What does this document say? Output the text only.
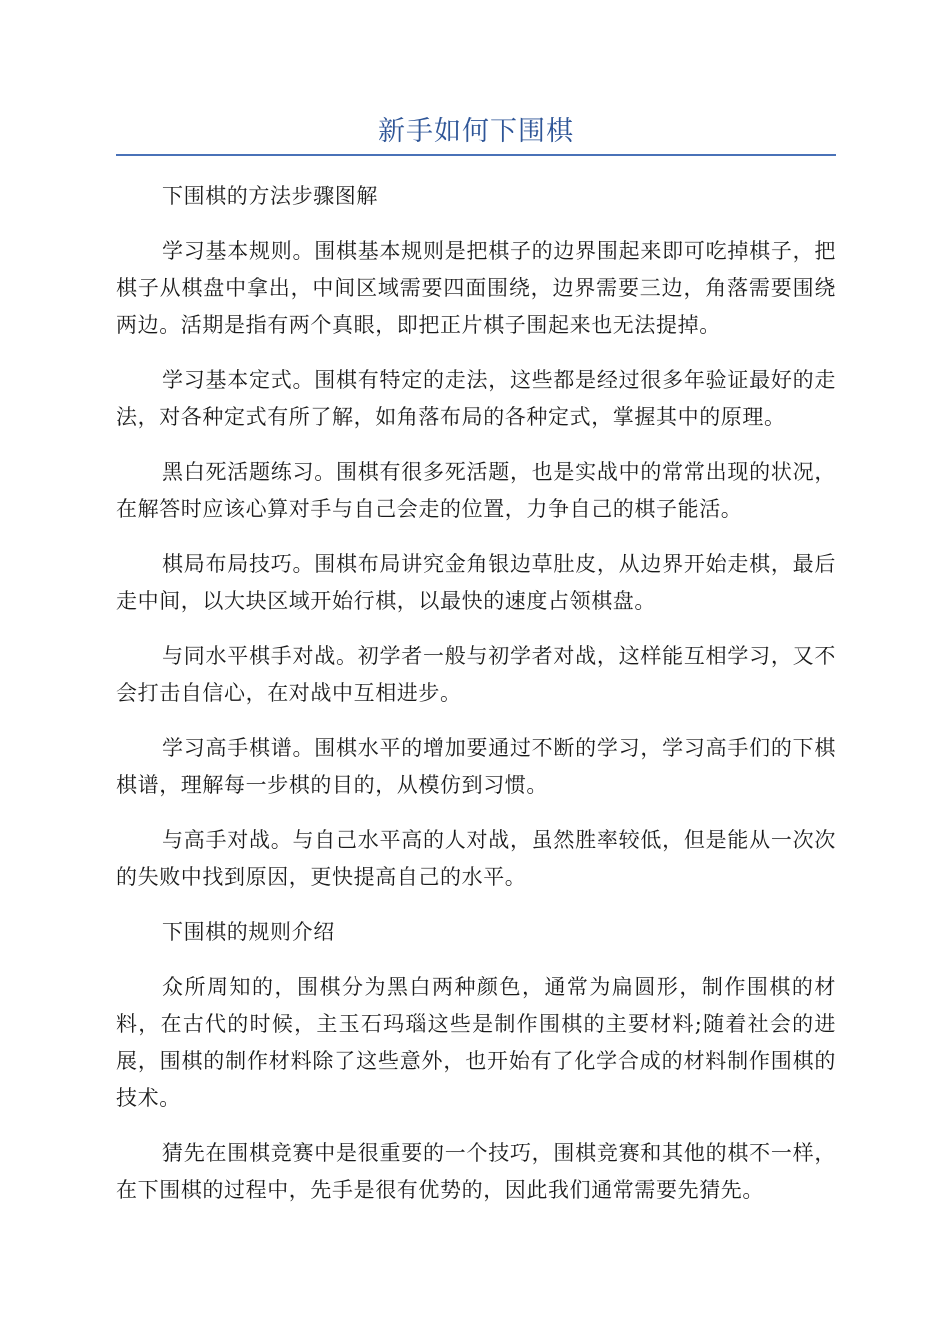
新手如何下围棋

下围棋的方法步骤图解

学习基本规则。围棋基本规则是把棋子的边界围起来即可吃掉棋子，把棋子从棋盘中拿出，中间区域需要四面围绕，边界需要三边，角落需要围绕两边。活期是指有两个真眼，即把正片棋子围起来也无法提掉。

学习基本定式。围棋有特定的走法，这些都是经过很多年验证最好的走法，对各种定式有所了解，如角落布局的各种定式，掌握其中的原理。

黑白死活题练习。围棋有很多死活题，也是实战中的常常出现的状况，在解答时应该心算对手与自己会走的位置，力争自己的棋子能活。

棋局布局技巧。围棋布局讲究金角银边草肚皮，从边界开始走棋，最后走中间，以大块区域开始行棋，以最快的速度占领棋盘。

与同水平棋手对战。初学者一般与初学者对战，这样能互相学习，又不会打击自信心，在对战中互相进步。

学习高手棋谱。围棋水平的增加要通过不断的学习，学习高手们的下棋棋谱，理解每一步棋的目的，从模仿到习惯。

与高手对战。与自己水平高的人对战，虽然胜率较低，但是能从一次次的失败中找到原因，更快提高自己的水平。

下围棋的规则介绍

众所周知的，围棋分为黑白两种颜色，通常为扁圆形，制作围棋的材料，在古代的时候，主玉石玛瑙这些是制作围棋的主要材料;随着社会的进展，围棋的制作材料除了这些意外，也开始有了化学合成的材料制作围棋的技术。

猜先在围棋竞赛中是很重要的一个技巧，围棋竞赛和其他的棋不一样，在下围棋的过程中，先手是很有优势的，因此我们通常需要先猜先。
